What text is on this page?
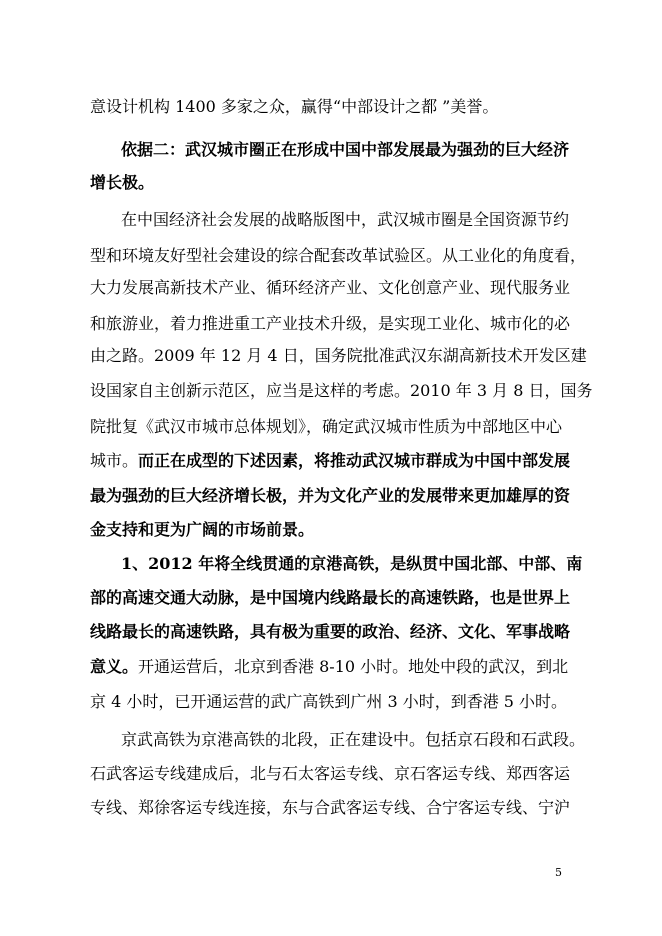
意设计机构 1400 多家之众，赢得“中部设计之都 ”美誉。
依据二：武汉城市圈正在形成中国中部发展最为强劲的巨大经济
增长极。
在中国经济社会发展的战略版图中，武汉城市圈是全国资源节约
型和环境友好型社会建设的综合配套改革试验区。从工业化的角度看，
大力发展高新技术产业、循环经济产业、文化创意产业、现代服务业
和旅游业，着力推进重工产业技术升级，是实现工业化、城市化的必
由之路。2009 年 12 月 4 日，国务院批准武汉东湖高新技术开发区建
设国家自主创新示范区，应当是这样的考虑。2010 年 3 月 8 日，国务
院批复《武汉市城市总体规划》，确定武汉城市性质为中部地区中心
城市。而正在成型的下述因素，将推动武汉城市群成为中国中部发展
最为强劲的巨大经济增长极，并为文化产业的发展带来更加雄厚的资
金支持和更为广阔的市场前景。
1、2012 年将全线贯通的京港高铁，是纵贯中国北部、中部、南
部的高速交通大动脉，是中国境内线路最长的高速铁路，也是世界上
线路最长的高速铁路，具有极为重要的政治、经济、文化、军事战略
意义。开通运营后，北京到香港 8-10 小时。地处中段的武汉，到北
京 4 小时，已开通运营的武广高铁到广州 3 小时，到香港 5 小时。
京武高铁为京港高铁的北段，正在建设中。包括京石段和石武段。
石武客运专线建成后，北与石太客运专线、京石客运专线、郑西客运
专线、郑徐客运专线连接，东与合武客运专线、合宁客运专线、宁沪
5
